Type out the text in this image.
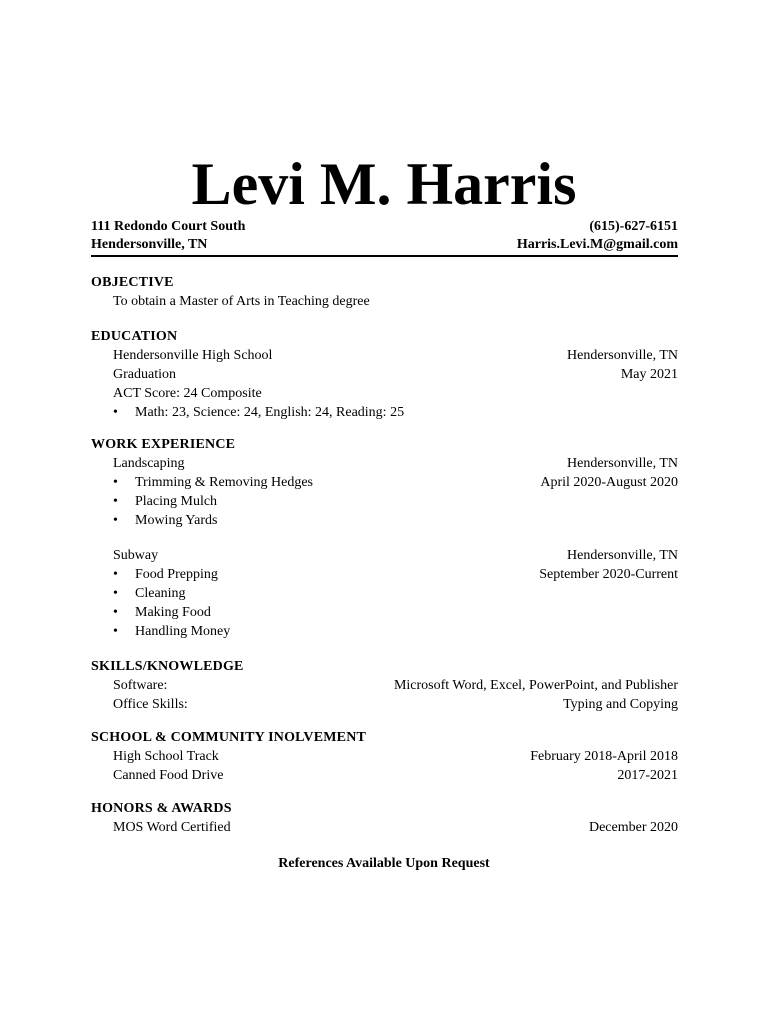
Levi M. Harris
111 Redondo Court South	(615)-627-6151
Hendersonville, TN	Harris.Levi.M@gmail.com
OBJECTIVE
To obtain a Master of Arts in Teaching degree
EDUCATION
Hendersonville High School	Hendersonville, TN
Graduation	May 2021
ACT Score: 24 Composite
•	Math: 23, Science: 24, English: 24, Reading: 25
WORK EXPERIENCE
Landscaping	Hendersonville, TN
•	Trimming & Removing Hedges	April 2020-August 2020
•	Placing Mulch
•	Mowing Yards
Subway	Hendersonville, TN
•	Food Prepping	September 2020-Current
•	Cleaning
•	Making Food
•	Handling Money
SKILLS/KNOWLEDGE
Software:	Microsoft Word, Excel, PowerPoint, and Publisher
Office Skills:	Typing and Copying
SCHOOL & COMMUNITY INOLVEMENT
High School Track	February 2018-April 2018
Canned Food Drive	2017-2021
HONORS & AWARDS
MOS Word Certified	December 2020
References Available Upon Request
